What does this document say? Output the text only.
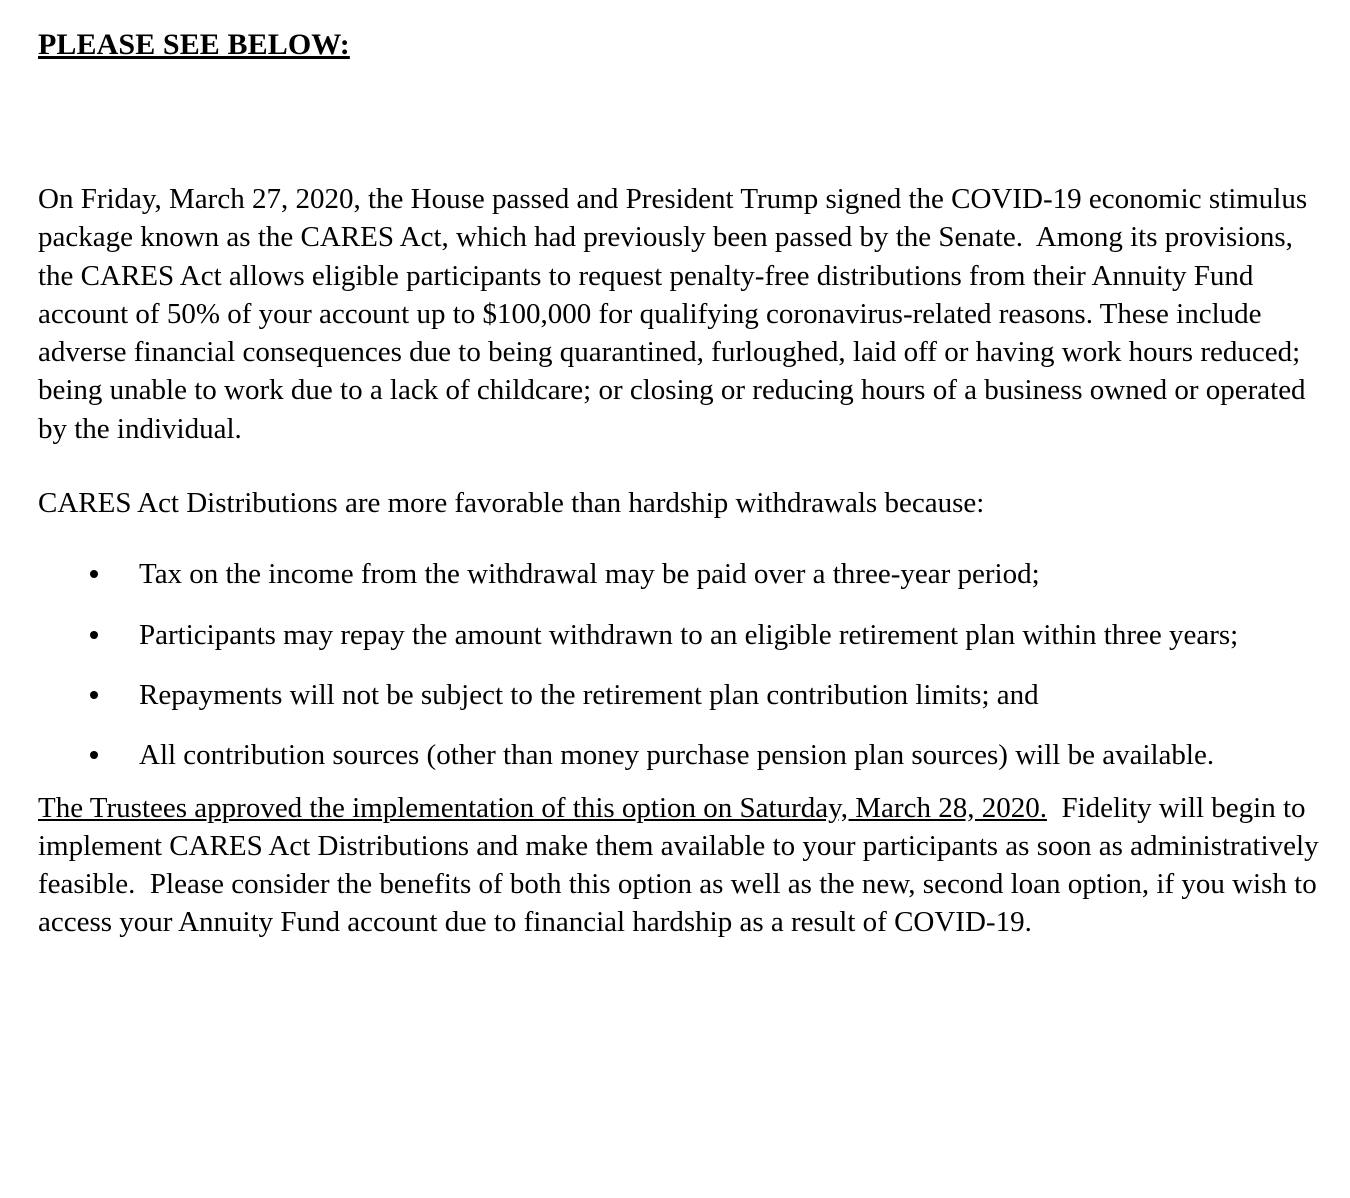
PLEASE SEE BELOW:

On Friday, March 27, 2020, the House passed and President Trump signed the COVID-19 economic stimulus package known as the CARES Act, which had previously been passed by the Senate.  Among its provisions, the CARES Act allows eligible participants to request penalty-free distributions from their Annuity Fund account of 50% of your account up to $100,000 for qualifying coronavirus-related reasons. These include adverse financial consequences due to being quarantined, furloughed, laid off or having work hours reduced; being unable to work due to a lack of childcare; or closing or reducing hours of a business owned or operated by the individual.

CARES Act Distributions are more favorable than hardship withdrawals because:

Tax on the income from the withdrawal may be paid over a three-year period;
Participants may repay the amount withdrawn to an eligible retirement plan within three years;
Repayments will not be subject to the retirement plan contribution limits; and
All contribution sources (other than money purchase pension plan sources) will be available.

The Trustees approved the implementation of this option on Saturday, March 28, 2020.  Fidelity will begin to implement CARES Act Distributions and make them available to your participants as soon as administratively feasible.  Please consider the benefits of both this option as well as the new, second loan option, if you wish to access your Annuity Fund account due to financial hardship as a result of COVID-19.
